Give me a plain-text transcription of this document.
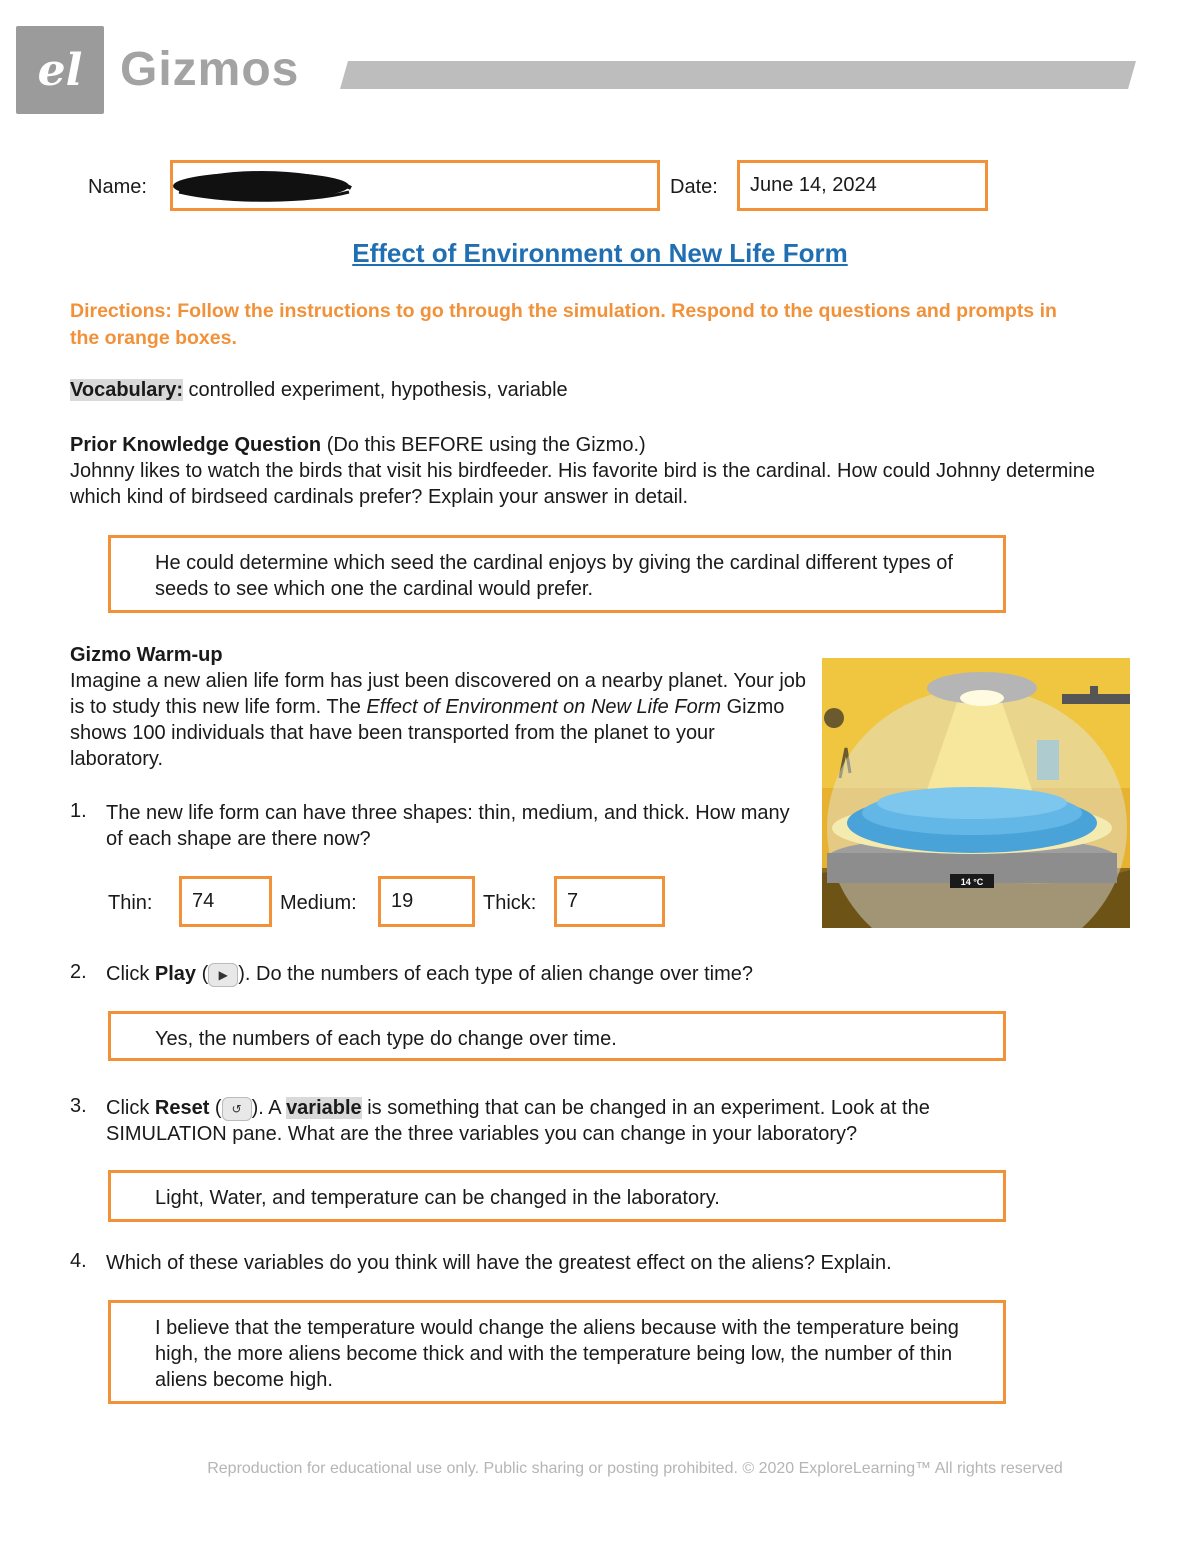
el Gizmos
Name:	Date: June 14, 2024
Effect of Environment on New Life Form
Directions: Follow the instructions to go through the simulation. Respond to the questions and prompts in the orange boxes.
Vocabulary: controlled experiment, hypothesis, variable
Prior Knowledge Question (Do this BEFORE using the Gizmo.)
Johnny likes to watch the birds that visit his birdfeeder. His favorite bird is the cardinal. How could Johnny determine which kind of birdseed cardinals prefer? Explain your answer in detail.
He could determine which seed the cardinal enjoys by giving the cardinal different types of seeds to see which one the cardinal would prefer.
Gizmo Warm-up
Imagine a new alien life form has just been discovered on a nearby planet. Your job is to study this new life form. The Effect of Environment on New Life Form Gizmo shows 100 individuals that have been transported from the planet to your laboratory.
14 °C
1. The new life form can have three shapes: thin, medium, and thick. How many of each shape are there now?
Thin: 74	Medium: 19	Thick: 7
2. Click Play ( ▶ ). Do the numbers of each type of alien change over time?
Yes, the numbers of each type do change over time.
3. Click Reset ( ↺ ). A variable is something that can be changed in an experiment. Look at the SIMULATION pane. What are the three variables you can change in your laboratory?
Light, Water, and temperature can be changed in the laboratory.
4. Which of these variables do you think will have the greatest effect on the aliens? Explain.
I believe that the temperature would change the aliens because with the temperature being high, the more aliens become thick and with the temperature being low, the number of thin aliens become high.
Reproduction for educational use only. Public sharing or posting prohibited. © 2020 ExploreLearning™ All rights reserved
